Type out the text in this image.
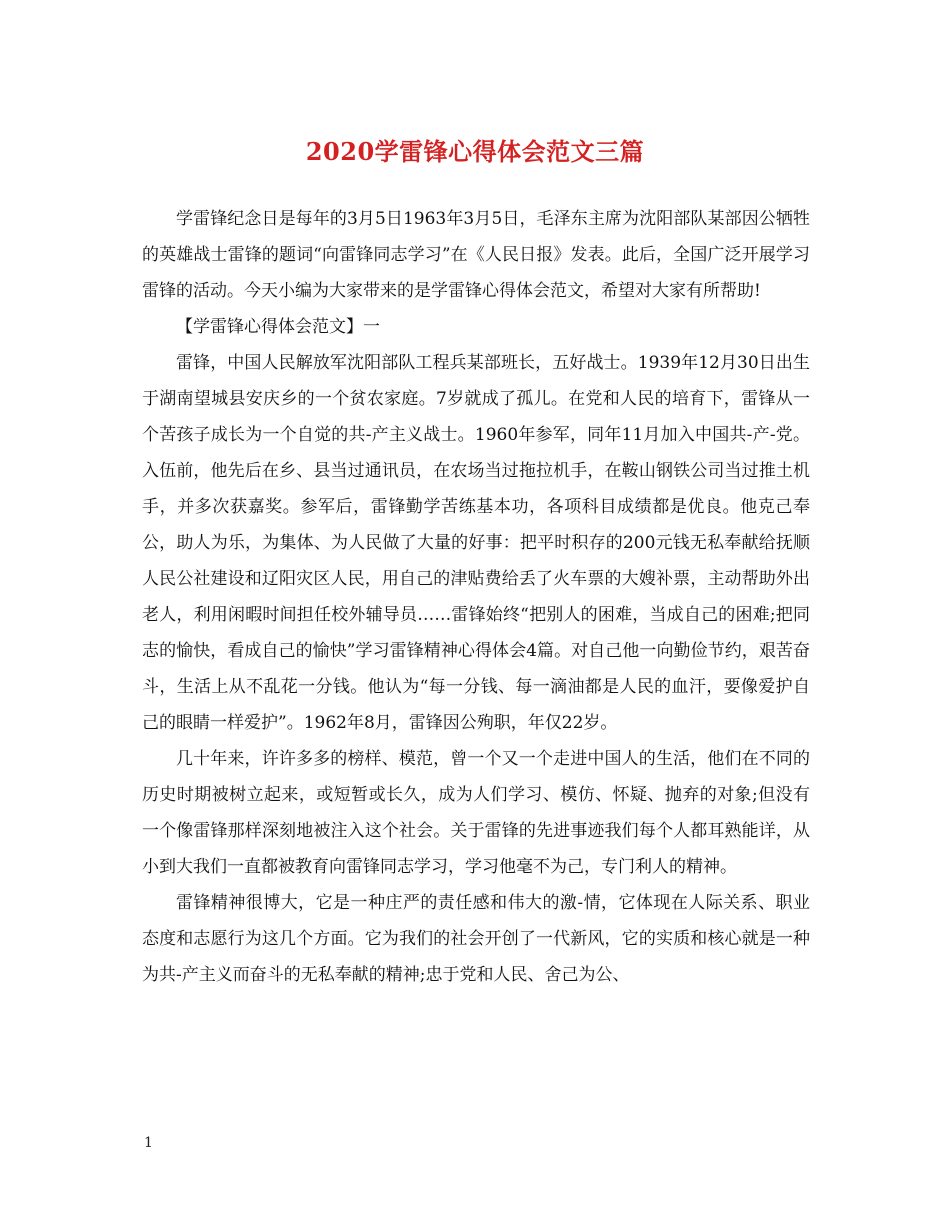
2020学雷锋心得体会范文三篇

学雷锋纪念日是每年的3月5日1963年3月5日，毛泽东主席为沈阳部队某部因公牺牲的英雄战士雷锋的题词“向雷锋同志学习”在《人民日报》发表。此后，全国广泛开展学习雷锋的活动。今天小编为大家带来的是学雷锋心得体会范文，希望对大家有所帮助!

【学雷锋心得体会范文】一

雷锋，中国人民解放军沈阳部队工程兵某部班长，五好战士。1939年12月30日出生于湖南望城县安庆乡的一个贫农家庭。7岁就成了孤儿。在党和人民的培育下，雷锋从一个苦孩子成长为一个自觉的共-产主义战士。1960年参军，同年11月加入中国共-产-党。入伍前，他先后在乡、县当过通讯员，在农场当过拖拉机手，在鞍山钢铁公司当过推土机手，并多次获嘉奖。参军后，雷锋勤学苦练基本功，各项科目成绩都是优良。他克己奉公，助人为乐，为集体、为人民做了大量的好事：把平时积存的200元钱无私奉献给抚顺人民公社建设和辽阳灾区人民，用自己的津贴费给丢了火车票的大嫂补票，主动帮助外出老人，利用闲暇时间担任校外辅导员……雷锋始终“把别人的困难，当成自己的困难;把同志的愉快，看成自己的愉快”学习雷锋精神心得体会4篇。对自己他一向勤俭节约，艰苦奋斗，生活上从不乱花一分钱。他认为“每一分钱、每一滴油都是人民的血汗，要像爱护自己的眼睛一样爱护”。1962年8月，雷锋因公殉职，年仅22岁。

几十年来，许许多多的榜样、模范，曾一个又一个走进中国人的生活，他们在不同的历史时期被树立起来，或短暂或长久，成为人们学习、模仿、怀疑、抛弃的对象;但没有一个像雷锋那样深刻地被注入这个社会。关于雷锋的先进事迹我们每个人都耳熟能详，从小到大我们一直都被教育向雷锋同志学习，学习他毫不为己，专门利人的精神。

雷锋精神很博大，它是一种庄严的责任感和伟大的激-情，它体现在人际关系、职业态度和志愿行为这几个方面。它为我们的社会开创了一代新风，它的实质和核心就是一种为共-产主义而奋斗的无私奉献的精神;忠于党和人民、舍己为公、

1
